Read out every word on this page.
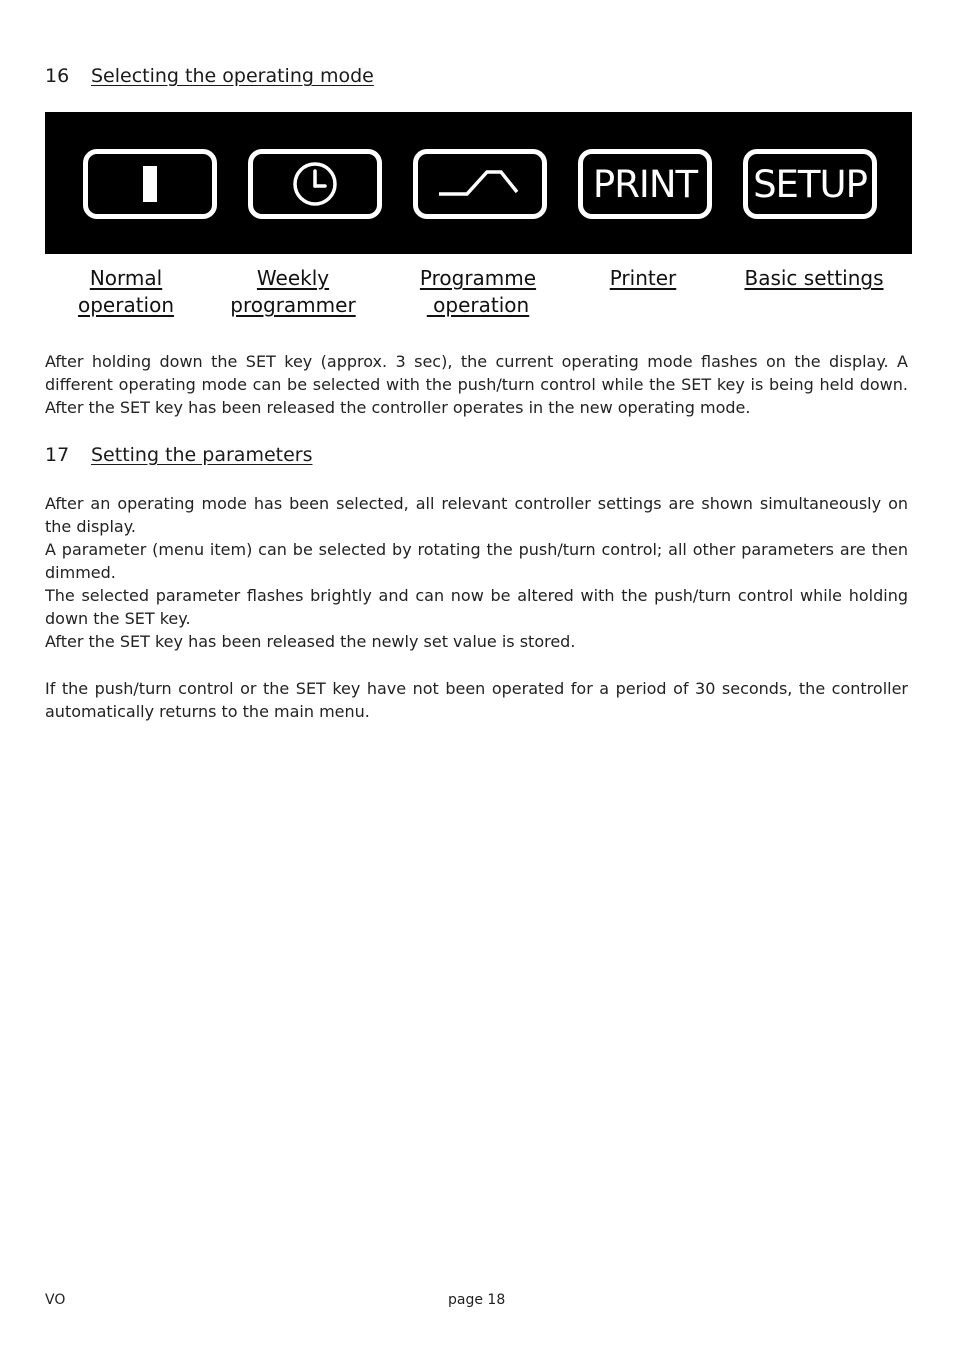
16 Selecting the operating mode
PRINT SETUP
Normal
operation
Weekly
programmer
Programme
operation
Printer	Basic settings

After holding down the SET key (approx. 3 sec), the current operating mode flashes on the display. A different operating mode can be selected with the push/turn control while the SET key is being held down. After the SET key has been released the controller operates in the new operating mode.

17 Setting the parameters
After an operating mode has been selected, all relevant controller settings are shown simultaneously on the display.
A parameter (menu item) can be selected by rotating the push/turn control; all other parameters are then dimmed.
The selected parameter flashes brightly and can now be altered with the push/turn control while holding down the SET key.
After the SET key has been released the newly set value is stored.

If the push/turn control or the SET key have not been operated for a period of 30 seconds, the controller automatically returns to the main menu.

VO	page 18
